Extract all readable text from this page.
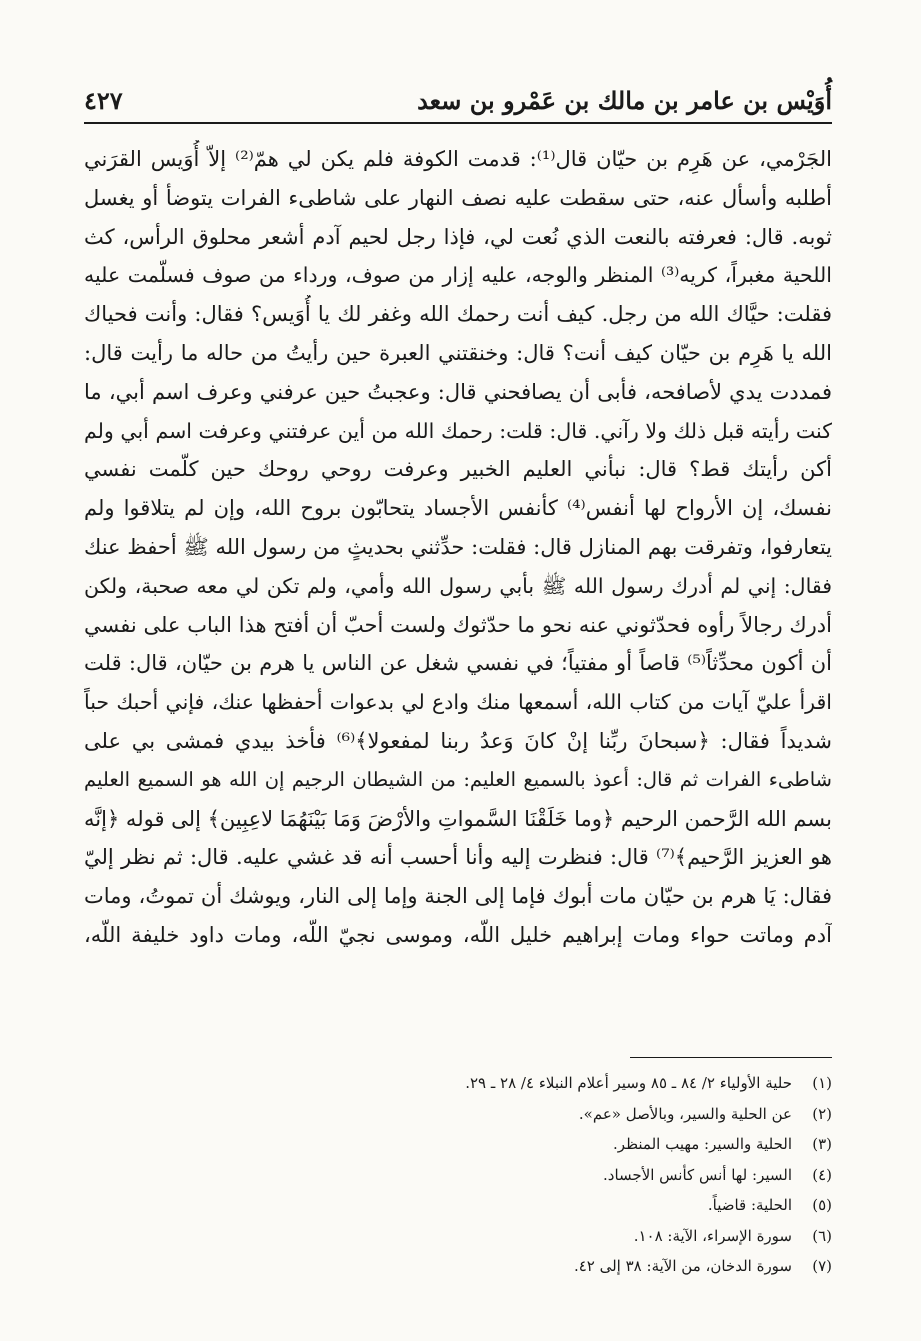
أُوَيْس بن عامر بن مالك بن عَمْرو بن سعد
٤٢٧
الجَرْمي، عن هَرِم بن حيّان قال⁽¹⁾: قدمت الكوفة فلم يكن لي همّ⁽²⁾ إلاّ أُوَيس القرَني
أطلبه وأسأل عنه، حتى سقطت عليه نصف النهار على شاطىء الفرات يتوضأ أو يغسل
ثوبه. قال: فعرفته بالنعت الذي نُعت لي، فإذا رجل لحيم آدم أشعر محلوق الرأس، كث
اللحية مغبراً، كريه⁽³⁾ المنظر والوجه، عليه إزار من صوف، ورداء من صوف فسلّمت عليه
فقلت: حيَّاك الله من رجل. كيف أنت رحمك الله وغفر لك يا أُوَيس؟ فقال: وأنت فحياك
الله يا هَرِم بن حيّان كيف أنت؟ قال: وخنقتني العبرة حين رأيتُ من حاله ما رأيت قال:
فمددت يدي لأصافحه، فأبى أن يصافحني قال: وعجبتُ حين عرفني وعرف اسم أبي، ما
كنت رأيته قبل ذلك ولا رآني. قال: قلت: رحمك الله من أين عرفتني وعرفت اسم أبي ولم
أكن رأيتك قط؟ قال: نبأني العليم الخبير وعرفت روحي روحك حين كلّمت نفسي
نفسك، إن الأرواح لها أنفس⁽⁴⁾ كأنفس الأجساد يتحابّون بروح الله، وإن لم يتلاقوا ولم
يتعارفوا، وتفرقت بهم المنازل قال: فقلت: حدِّثني بحديثٍ من رسول الله ﷺ أحفظ عنك
فقال: إني لم أدرك رسول الله ﷺ بأبي رسول الله وأمي، ولم تكن لي معه صحبة، ولكن
أدرك رجالاً رأوه فحدّثوني عنه نحو ما حدّثوك ولست أحبّ أن أفتح هذا الباب على نفسي
أن أكون محدِّثاً⁽⁵⁾ قاصاً أو مفتياً؛ في نفسي شغل عن الناس يا هرم بن حيّان، قال: قلت
اقرأ عليّ آيات من كتاب الله، أسمعها منك وادع لي بدعوات أحفظها عنك، فإني أحبك حباً
شديداً فقال: ﴿سبحانَ ربِّنا إنْ كانَ وَعدُ ربنا لمفعولا﴾⁽⁶⁾ فأخذ بيدي فمشى بي على
شاطىء الفرات ثم قال: أعوذ بالسميع العليم: من الشيطان الرجيم إن الله هو السميع العليم
بسم الله الرَّحمن الرحيم ﴿وما خَلَقْنَا السَّمواتِ والأرْضَ وَمَا بَيْنَهُمَا لاعِبِين﴾ إلى قوله ﴿إنَّه
هو العزيز الرَّحيم﴾⁽⁷⁾ قال: فنظرت إليه وأنا أحسب أنه قد غشي عليه. قال: ثم نظر إليّ
فقال: يَا هرم بن حيّان مات أبوك فإما إلى الجنة وإما إلى النار، ويوشك أن تموتُ، ومات
آدم وماتت حواء ومات إبراهيم خليل اللّه، وموسى نجيّ اللّه، ومات داود خليفة اللّه،
(١)
حلية الأولياء ٢/ ٨٤ ـ ٨٥ وسير أعلام النبلاء ٤/ ٢٨ ـ ٢٩.
(٢)
عن الحلية والسير، وبالأصل «عم».
(٣)
الحلية والسير: مهيب المنظر.
(٤)
السير: لها أنس كأنس الأجساد.
(٥)
الحلية: قاضياً.
(٦)
سورة الإسراء، الآية: ١٠٨.
(٧)
سورة الدخان، من الآية: ٣٨ إلى ٤٢.
